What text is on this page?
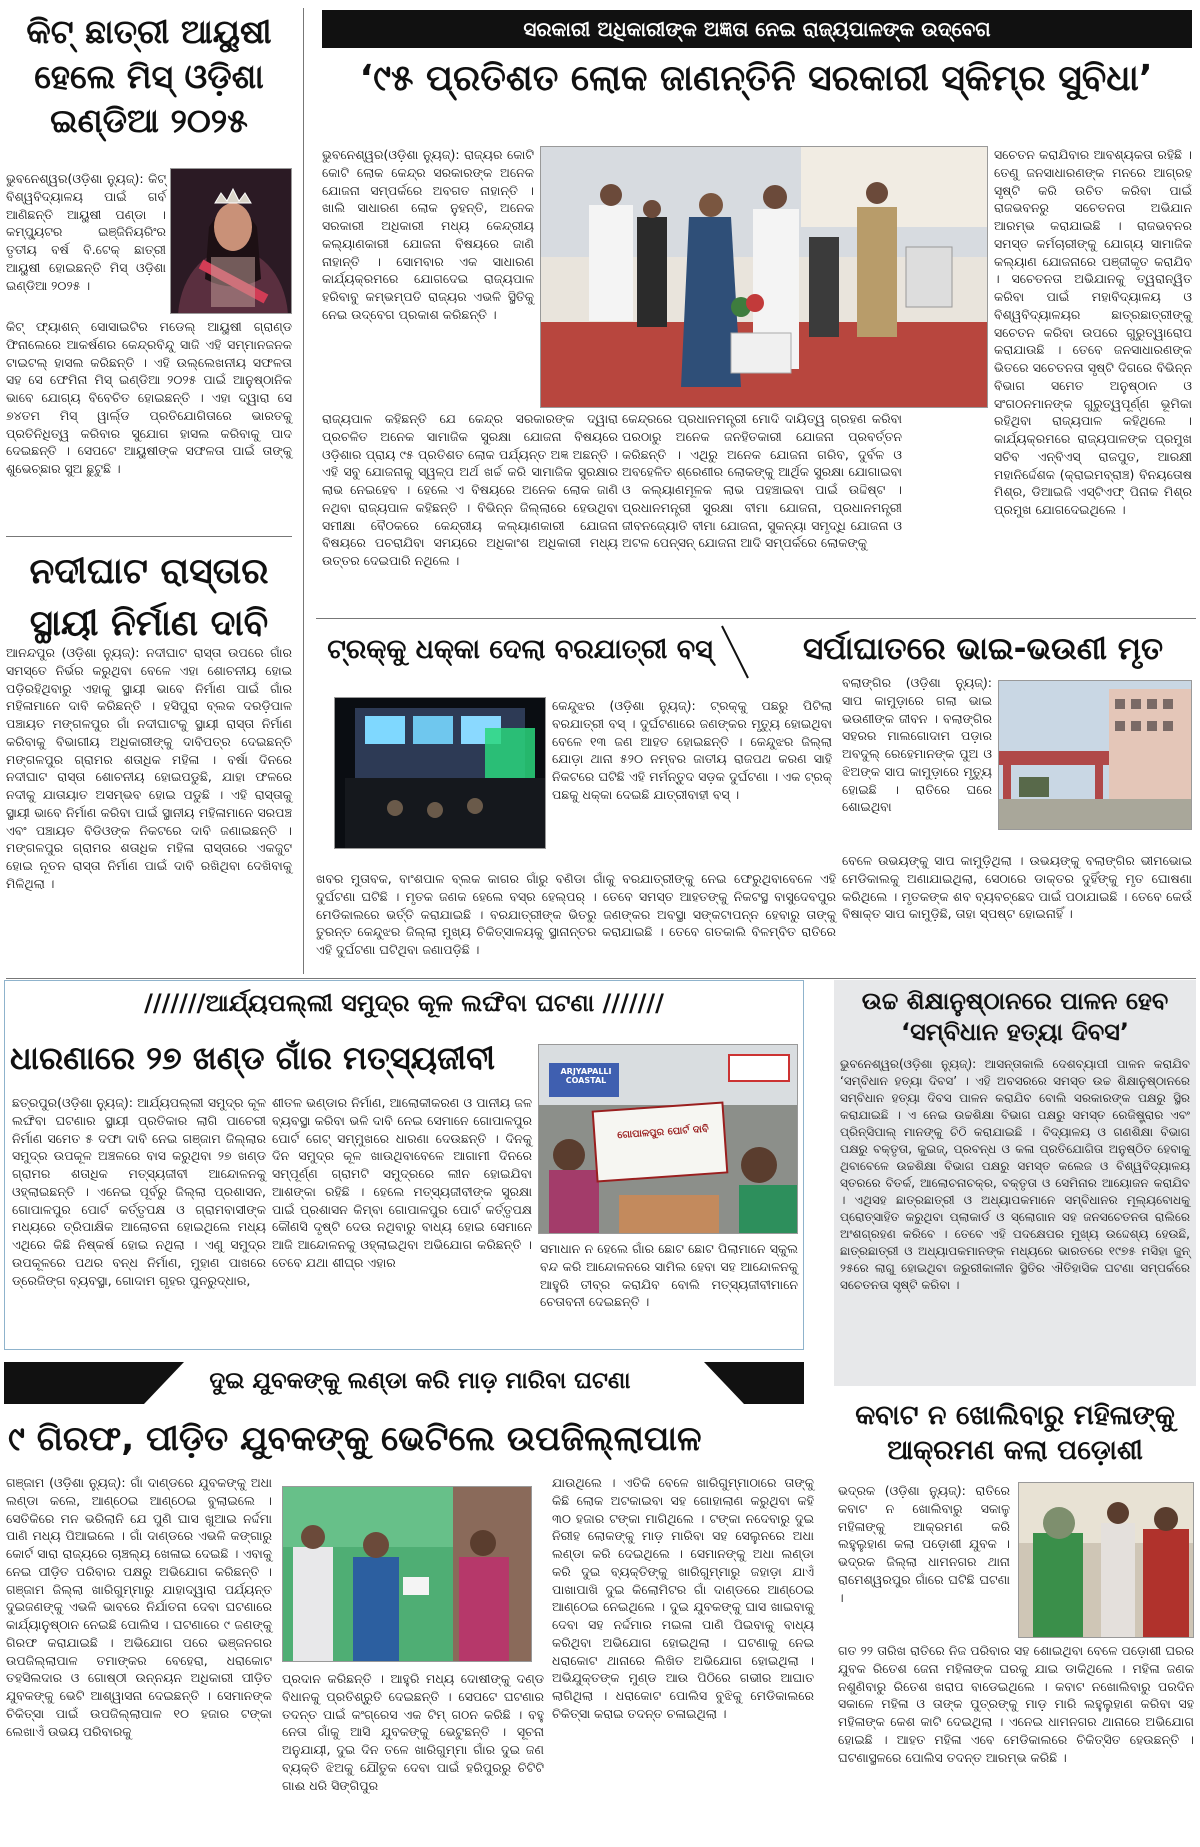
କିଟ୍ ଛାତ୍ରୀ ଆୟୁଷୀ ହେଲେ ମିସ୍ ଓଡ଼ିଶା ଇଣ୍ଡିଆ ୨୦୨୫
ଭୁବନେଶ୍ୱର(ଓଡ଼ିଶା ନ୍ୟୁଜ୍): କିଟ୍ ବିଶ୍ୱବିଦ୍ୟାଳୟ ପାଇଁ ଗର୍ବ ଆଣିଛନ୍ତି ଆୟୁଷୀ ପଣ୍ଡା । କମ୍ପ୍ୟୁଟର ଇଞ୍ଜିନିୟରିଂର ତୃତୀୟ ବର୍ଷ ବି.ଟେକ୍ ଛାତ୍ରୀ ଆୟୁଷୀ ହୋଇଛନ୍ତି ମିସ୍ ଓଡ଼ିଶା ଇଣ୍ଡିଆ ୨୦୨୫ ।
କିଟ୍ ଫ୍ୟାଶନ୍ ସୋସାଇଟିର ମଡେଲ୍ ଆୟୁଷୀ ଗ୍ରାଣ୍ଡ ଫିନାଲେରେ ଆକର୍ଷଣର କେନ୍ଦ୍ରବିନ୍ଦୁ ସାଜି ଏହି ସମ୍ମାନଜନକ ଟାଇଟଲ୍ ହାସଲ କରିଛନ୍ତି । ଏହି ଉଲ୍ଲେଖନୀୟ ସଫଳତା ସହ ସେ ଫେମିନା ମିସ୍ ଇଣ୍ଡିଆ ୨୦୨୫ ପାଇଁ ଆନୁଷ୍ଠାନିକ ଭାବେ ଯୋଗ୍ୟ ବିବେଚିତ ହୋଇଛନ୍ତି । ଏହା ଦ୍ୱାରା ସେ ୭୪ତମ ମିସ୍ ୱାର୍ଲ୍ଡ ପ୍ରତିଯୋଗିତାରେ ଭାରତକୁ ପ୍ରତିନିଧିତ୍ୱ କରିବାର ସୁଯୋଗ ହାସଲ କରିବାକୁ ପାଦ ଦେଇଛନ୍ତି । ସେପଟେ ଆୟୁଷୀଙ୍କ ସଫଳତା ପାଇଁ ତାଙ୍କୁ ଶୁଭେଚ୍ଛାର ସୁଅ ଛୁଟୁଛି ।
ନଦୀଘାଟ ରାସ୍ତାର ସ୍ଥାୟୀ ନିର୍ମାଣ ଦାବି
ଆନନ୍ଦପୁର (ଓଡ଼ିଶା ନ୍ୟୁଜ୍): ନଦୀଘାଟ ରାସ୍ତା ଉପରେ ଗାଁର ସମସ୍ତେ ନିର୍ଭର କରୁଥିବା ବେଳେ ଏହା ଶୋଚନୀୟ ହୋଇ ପଡ଼ିରହିଥିବାରୁ ଏହାକୁ ସ୍ଥାୟୀ ଭାବେ ନିର୍ମାଣ ପାଇଁ ଗାଁର ମହିଳାମାନେ ଦାବି କରିଛନ୍ତି । ହସିପୁରା ବ୍ଲକ ଦରଡ଼ିପାଳ ପଞ୍ଚାୟତ ମଙ୍ଗଳପୁର ଗାଁ ନଦୀଘାଟକୁ ସ୍ଥାୟୀ ରାସ୍ତା ନିର୍ମାଣ କରିବାକୁ ବିଭାଗୀୟ ଅଧିକାରୀଙ୍କୁ ଦାବିପତ୍ର ଦେଇଛନ୍ତି ମଙ୍ଗଳପୁର ଗ୍ରାମର ଶତାଧିକ ମହିଳା । ବର୍ଷା ଦିନରେ ନଦୀଘାଟ ରାସ୍ତା ଶୋଚନୀୟ ହୋଇପଡୁଛି, ଯାହା ଫଳରେ ନଦୀକୁ ଯାତାୟାତ ଅସମ୍ଭବ ହୋଇ ପଡୁଛି । ଏହି ରାସ୍ତାକୁ ସ୍ଥାୟୀ ଭାବେ ନିର୍ମାଣ କରିବା ପାଇଁ ସ୍ଥାନୀୟ ମହିଳାମାନେ ସରପଞ୍ଚ ଏବଂ ପଞ୍ଚାୟତ ବିଡିଓଙ୍କ ନିକଟରେ ଦାବି ଜଣାଇଛନ୍ତି । ମଙ୍ଗଳପୁର ଗ୍ରାମର ଶତାଧିକ ମହିଳା ରାସ୍ତାରେ ଏକଜୁଟ ହୋଇ ନୂତନ ରାସ୍ତା ନିର୍ମାଣ ପାଇଁ ଦାବି ରଖିଥିବା ଦେଖିବାକୁ ମିଳିଥିଲା ।
ସରକାରୀ ଅଧିକାରୀଙ୍କ ଅଜ୍ଞତା ନେଇ ରାଜ୍ୟପାଳଙ୍କ ଉଦ୍‌ବେଗ
‘୯୫ ପ୍ରତିଶତ ଲୋକ ଜାଣନ୍ତିନି ସରକାରୀ ସ୍କିମ୍‌ର ସୁବିଧା’
ଭୁବନେଶ୍ୱର(ଓଡ଼ିଶା ନ୍ୟୁଜ୍): ରାଜ୍ୟର କୋଟି କୋଟି ଲୋକ କେନ୍ଦ୍ର ସରକାରଙ୍କ ଅନେକ ଯୋଜନା ସମ୍ପର୍କରେ ଅବଗତ ନାହାନ୍ତି । ଖାଲି ସାଧାରଣ ଲୋକ ନୁହନ୍ତି, ଅନେକ ସରକାରୀ ଅଧିକାରୀ ମଧ୍ୟ କେନ୍ଦ୍ରୀୟ କଲ୍ୟାଣକାରୀ ଯୋଜନା ବିଷୟରେ ଜାଣି ନାହାନ୍ତି । ସୋମବାର ଏକ ସାଧାରଣ କାର୍ଯ୍ୟକ୍ରମରେ ଯୋଗଦେଇ ରାଜ୍ୟପାଳ ହରିବାବୁ କମ୍ଭମ୍ପତି ରାଜ୍ୟର ଏଭଳି ସ୍ଥିତିକୁ ନେଇ ଉଦ୍‌ବେଗ ପ୍ରକାଶ କରିଛନ୍ତି ।
ରାଜ୍ୟପାଳ କହିଛନ୍ତି ଯେ କେନ୍ଦ୍ର ସରକାରଙ୍କ ଦ୍ୱାରା ପ୍ରଚଳିତ ଅନେକ ସାମାଜିକ ସୁରକ୍ଷା ଯୋଜନା ବିଷୟରେ ଓଡ଼ିଶାର ପ୍ରାୟ ୯୫ ପ୍ରତିଶତ ଲୋକ ପର୍ଯ୍ୟନ୍ତ ଅଜ୍ଞ ଅଛନ୍ତି । ଏହି ସବୁ ଯୋଜନାକୁ ସ୍ୱଳ୍ପ ଅର୍ଥ ଖର୍ଚ୍ଚ କରି ସାମାଜିକ ସୁରକ୍ଷାର ଲାଭ ନେଇହେବ । ହେଲେ ଏ ବିଷୟରେ ଅନେକ ଲୋକ ଜାଣି ନଥିବା ରାଜ୍ୟପାଳ କହିଛନ୍ତି । ବିଭିନ୍ନ ଜିଲ୍ଲାରେ ହେଉଥିବା ସମୀକ୍ଷା ବୈଠକରେ କେନ୍ଦ୍ରୀୟ କଲ୍ୟାଣକାରୀ ଯୋଜନା ବିଷୟରେ ପଚରାଯିବା ସମୟରେ ଅଧିକାଂଶ ଅଧିକାରୀ ମଧ୍ୟ ଉତ୍ତର ଦେଇପାରି ନଥିଲେ ।
କେନ୍ଦ୍ରରେ ପ୍ରଧାନମନ୍ତ୍ରୀ ମୋଦି ଦାୟିତ୍ୱ ଗ୍ରହଣ କରିବା ପରଠାରୁ ଅନେକ ଜନହିତକାରୀ ଯୋଜନା ପ୍ରବର୍ତ୍ତନ କରିଛନ୍ତି । ଏଥିରୁ ଅନେକ ଯୋଜନା ଗରିବ, ଦୁର୍ବଳ ଓ ଅବହେଳିତ ଶ୍ରେଣୀର ଲୋକଙ୍କୁ ଆର୍ଥିକ ସୁରକ୍ଷା ଯୋଗାଇବା ଓ କଲ୍ୟାଣମୂଳକ ଲାଭ ପହଞ୍ଚାଇବା ପାଇଁ ଉଦ୍ଦିଷ୍ଟ । ପ୍ରଧାନମନ୍ତ୍ରୀ ସୁରକ୍ଷା ବୀମା ଯୋଜନା, ପ୍ରଧାନମନ୍ତ୍ରୀ ଜୀବନଜ୍ୟୋତି ବୀମା ଯୋଜନା, ସୁକନ୍ୟା ସମୃଦ୍ଧି ଯୋଜନା ଓ ଅଟଳ ପେନ୍‌ସନ୍ ଯୋଜନା ଆଦି ସମ୍ପର୍କରେ ଲୋକଙ୍କୁ
ସଚେତନ କରାଯିବାର ଆବଶ୍ୟକତା ରହିଛି । ତେଣୁ ଜନସାଧାରଣଙ୍କ ମନରେ ଆଗ୍ରହ ସୃଷ୍ଟି କରି ଉଚିତ କରିବା ପାଇଁ ରାଜଭବନରୁ ସଚେତନତା ଅଭିଯାନ ଆରମ୍ଭ କରାଯାଇଛି । ରାଜଭବନର ସମସ୍ତ କର୍ମଚାରୀଙ୍କୁ ଯୋଗ୍ୟ ସାମାଜିକ କଲ୍ୟାଣ ଯୋଜନାରେ ପଞ୍ଜୀକୃତ କରାଯିବ । ସଚେତନତା ଅଭିଯାନକୁ ତ୍ୱରାନ୍ୱିତ କରିବା ପାଇଁ ମହାବିଦ୍ୟାଳୟ ଓ ବିଶ୍ୱବିଦ୍ୟାଳୟର ଛାତ୍ରଛାତ୍ରୀଙ୍କୁ ସଚେତନ କରିବା ଉପରେ ଗୁରୁତ୍ୱାରୋପ କରାଯାଉଛି । ତେବେ ଜନସାଧାରଣଙ୍କ ଭିତରେ ସଚେତନତା ସୃଷ୍ଟି ଦିଗରେ ବିଭିନ୍ନ ବିଭାଗ ସମେତ ଅନୁଷ୍ଠାନ ଓ ସଂଗଠନମାନଙ୍କ ଗୁରୁତ୍ୱପୂର୍ଣ୍ଣ ଭୂମିକା ରହିଥିବା ରାଜ୍ୟପାଳ କହିଥିଲେ । କାର୍ଯ୍ୟକ୍ରମରେ ରାଜ୍ୟପାଳଙ୍କ ପ୍ରମୁଖ ସଚିବ ଏନ୍‌ବିଏସ୍ ରାଜପୁତ, ଆରକ୍ଷୀ ମହାନିର୍ଦ୍ଦେଶକ (କ୍ରାଇମବ୍ରାଞ୍ଚ) ବିନୟତୋଷ ମିଶ୍ର, ଡିଆଇଜି ଏସ୍‌ଟିଏଫ୍ ପିନାକ ମିଶ୍ର ପ୍ରମୁଖ ଯୋଗଦେଇଥିଲେ ।
ଟ୍ରକ୍‌କୁ ଧକ୍କା ଦେଲା ବରଯାତ୍ରୀ ବସ୍
କେନ୍ଦୁଝର (ଓଡ଼ିଶା ନ୍ୟୁଜ୍): ଟ୍ରକ୍‌କୁ ପଛରୁ ପିଟିଲା ବରଯାତ୍ରୀ ବସ୍ । ଦୁର୍ଘଟଣାରେ ଜଣଙ୍କର ମୃତ୍ୟୁ ହୋଇଥିବା ବେଳେ ୧୩ ଜଣ ଆହତ ହୋଇଛନ୍ତି । କେନ୍ଦୁଝର ଜିଲ୍ଲା ଯୋଡ଼ା ଥାନା ୫୨୦ ନମ୍ବର ଜାତୀୟ ରାଜପଥ କରଣ ସାହି ନିକଟରେ ଘଟିଛି ଏହି ମର୍ମନ୍ତୁଦ ସଡ଼କ ଦୁର୍ଘଟଣା । ଏକ ଟ୍ରକ୍ ପଛକୁ ଧକ୍କା ଦେଇଛି ଯାତ୍ରୀବାହୀ ବସ୍ ।
ଖବର ମୁତାବକ, ବାଂଶପାଳ ବ୍ଲକ କାଗର ଗାଁରୁ ବଣିଡା ଗାଁକୁ ବରଯାତ୍ରୀଙ୍କୁ ନେଇ ଫେରୁଥିବାବେଳେ ଏହି ଦୁର୍ଘଟଣା ଘଟିଛି । ମୃତକ ଜଣକ ହେଲେ ବସ୍‌ର ହେଲ୍‌ପର୍ । ତେବେ ସମସ୍ତ ଆହତଙ୍କୁ ନିକଟସ୍ଥ ବାସୁଦେବପୁର ମେଡିକାଲରେ ଭର୍ତ୍ତି କରାଯାଇଛି । ବରଯାତ୍ରୀଙ୍କ ଭିତରୁ ଜଣଙ୍କର ଅବସ୍ଥା ସଙ୍କଟାପନ୍ନ ହେବାରୁ ତାଙ୍କୁ ତୁରନ୍ତ କେନ୍ଦୁଝର ଜିଲ୍ଲା ମୁଖ୍ୟ ଚିକିତ୍ସାଳୟକୁ ସ୍ଥାନାନ୍ତର କରାଯାଇଛି । ତେବେ ଗତକାଲି ବିଳମ୍ବିତ ରାତିରେ ଏହି ଦୁର୍ଘଟଣା ଘଟିଥିବା ଜଣାପଡ଼ିଛି ।
ସର୍ପାଘାତରେ ଭାଇ-ଭଉଣୀ ମୃତ
ବଲାଙ୍ଗିର (ଓଡ଼ିଶା ନ୍ୟୁଜ୍): ସାପ କାମୁଡ଼ାରେ ଗଲା ଭାଇ ଭଉଣୀଙ୍କ ଜୀବନ । ବଲାଙ୍ଗିର ସହରର ମାଲଗୋଦାମ ପଡ଼ାର ଅବଦୁଲ୍ ରେହେମାନଙ୍କ ପୁଅ ଓ ଝିଅଙ୍କ ସାପ କାମୁଡ଼ାରେ ମୃତ୍ୟୁ ହୋଇଛି । ରାତିରେ ଘରେ ଶୋଇଥିବା
ବେଳେ ଉଭୟଙ୍କୁ ସାପ କାମୁଡ଼ିଥିଲା । ଉଭୟଙ୍କୁ ବଲାଙ୍ଗିର ଭୀମଭୋଇ ମେଡିକାଲକୁ ଅଣାଯାଇଥିଲା, ସେଠାରେ ଡାକ୍ତର ଦୁହିଁଙ୍କୁ ମୃତ ଘୋଷଣା କରିଥିଲେ । ମୃତକଙ୍କ ଶବ ବ୍ୟବଚ୍ଛେଦ ପାଇଁ ପଠାଯାଇଛି । ତେବେ କେଉଁ ବିଷାକ୍ତ ସାପ କାମୁଡ଼ିଛି, ତାହା ସ୍ପଷ୍ଟ ହୋଇନାହିଁ ।
///////ଆର୍ଯ୍ୟପଲ୍ଲୀ ସମୁଦ୍ର କୂଳ ଲଙ୍ଘିବା ଘଟଣା ///////
ଧାରଣାରେ ୨୭ ଖଣ୍ଡ ଗାଁର ମତ୍ସ୍ୟଜୀବୀ
ଛତ୍ରପୁର(ଓଡ଼ିଶା ନ୍ୟୁଜ୍): ଆର୍ଯ୍ୟପଲ୍ଲୀ ସମୁଦ୍ର କୂଳ ଲଙ୍ଘିବା ଘଟଣାର ସ୍ଥାୟୀ ପ୍ରତିକାର ଲାଗି ପାଚେରୀ ନିର୍ମାଣ ସମେତ ୫ ଦଫା ଦାବି ନେଇ ଗଞ୍ଜାମ ଜିଲ୍ଲାର ସମୁଦ୍ର ଉପକୂଳ ଅଞ୍ଚଳରେ ବାସ କରୁଥିବା ୨୭ ଖଣ୍ଡ ଗ୍ରାମର ଶତାଧିକ ମତ୍ସ୍ୟଜୀବୀ ଆନ୍ଦୋଳନକୁ ଓହ୍ଲାଇଛନ୍ତି । ଏନେଇ ପୂର୍ବରୁ ଜିଲ୍ଲା ପ୍ରଶାସନ, ଗୋପାଳପୁର ପୋର୍ଟ କର୍ତ୍ତୃପକ୍ଷ ଓ ଗ୍ରାମବାସୀଙ୍କ ମଧ୍ୟରେ ତ୍ରିପାକ୍ଷିକ ଆଲୋଚନା ହୋଇଥିଲେ ମଧ୍ୟ ଏଥିରେ କିଛି ନିଷ୍କର୍ଷ ହୋଇ ନଥିଲା । ଏଣୁ ସମୁଦ୍ର ଉପକୂଳରେ ପଥର ବନ୍ଧ ନିର୍ମାଣ, ମୁହାଣ ପାଖରେ ଡ୍ରେଜିଙ୍ଗ ବ୍ୟବସ୍ଥା, ଗୋଦାମ ଗୃହର ପୁନରୁଦ୍ଧାର,
ଶୀତଳ ଭଣ୍ଡାର ନିର୍ମାଣ, ଆଲୋକୀକରଣ ଓ ପାନୀୟ ଜଳ ବ୍ୟବସ୍ଥା କରିବା ଭଳି ଦାବି ନେଇ ସେମାନେ ଗୋପାଳପୁର ପୋର୍ଟ ଗେଟ୍ ସମ୍ମୁଖରେ ଧାରଣା ଦେଉଛନ୍ତି । ଦିନକୁ ଦିନ ସମୁଦ୍ର କୂଳ ଖାଉଥିବାବେଳେ ଆଗାମୀ ଦିନରେ ସମ୍ପୂର୍ଣ୍ଣ ଗ୍ରାମଟି ସମୁଦ୍ରରେ ଲୀନ ହୋଇଯିବା ଆଶଙ୍କା ରହିଛି । ହେଲେ ମତ୍ସ୍ୟଜୀବୀଙ୍କ ସୁରକ୍ଷା ପାଇଁ ପ୍ରଶାସନ କିମ୍ବା ଗୋପାଳପୁର ପୋର୍ଟ କର୍ତ୍ତୃପକ୍ଷ କୌଣସି ଦୃଷ୍ଟି ଦେଉ ନଥିବାରୁ ବାଧ୍ୟ ହୋଇ ସେମାନେ ଆଜି ଆନ୍ଦୋଳନକୁ ଓହ୍ଲାଇଥିବା ଅଭିଯୋଗ କରିଛନ୍ତି । ତେବେ ଯଥା ଶୀଘ୍ର ଏହାର
ଗୋପାଳପୁର ପୋର୍ଟ ଦାବି
ARJYAPALLI COASTAL
ସମାଧାନ ନ ହେଲେ ଗାଁର ଛୋଟ ଛୋଟ ପିଲାମାନେ ସ୍କୁଲ ବନ୍ଦ କରି ଆନ୍ଦୋଳନରେ ସାମିଲ ହେବା ସହ ଆନ୍ଦୋଳନକୁ ଆହୁରି ତୀବ୍ର କରାଯିବ ବୋଲି ମତ୍ସ୍ୟଜୀବୀମାନେ ଚେତାବନୀ ଦେଇଛନ୍ତି ।
ଉଚ୍ଚ ଶିକ୍ଷାନୁଷ୍ଠାନରେ ପାଳନ ହେବ ‘ସମ୍ବିଧାନ ହତ୍ୟା ଦିବସ’
ଭୁବନେଶ୍ୱର(ଓଡ଼ିଶା ନ୍ୟୁଜ୍): ଆସନ୍ତାକାଲି ଦେଶବ୍ୟାପୀ ପାଳନ କରାଯିବ ‘ସମ୍ବିଧାନ ହତ୍ୟା ଦିବସ’ । ଏହି ଅବସରରେ ସମସ୍ତ ଉଚ୍ଚ ଶିକ୍ଷାନୁଷ୍ଠାନରେ ସମ୍ବିଧାନ ହତ୍ୟା ଦିବସ ପାଳନ କରାଯିବ ବୋଲି ସରକାରଙ୍କ ପକ୍ଷରୁ ସ୍ଥିର କରାଯାଇଛି । ଏ ନେଇ ଉଚ୍ଚଶିକ୍ଷା ବିଭାଗ ପକ୍ଷରୁ ସମସ୍ତ ରେଜିଷ୍ଟ୍ରାର ଏବଂ ପ୍ରିନ୍ସିପାଲ୍ ମାନଙ୍କୁ ଚିଠି କରାଯାଇଛି । ବିଦ୍ୟାଳୟ ଓ ଗଣଶିକ୍ଷା ବିଭାଗ ପକ୍ଷରୁ ବକ୍ତୃତା, କୁଇଜ୍, ପ୍ରବନ୍ଧ ଓ କଳା ପ୍ରତିଯୋଗିତା ଅନୁଷ୍ଠିତ ହେବାକୁ ଥିବାବେଳେ ଉଚ୍ଚଶିକ୍ଷା ବିଭାଗ ପକ୍ଷରୁ ସମସ୍ତ କଲେଜ ଓ ବିଶ୍ୱବିଦ୍ୟାଳୟ ସ୍ତରରେ ବିତର୍କ, ଆଲୋଚନାଚକ୍ର, ବକ୍ତୃତା ଓ ସେମିନାର ଆୟୋଜନ କରାଯିବ । ଏଥିସହ ଛାତ୍ରଛାତ୍ରୀ ଓ ଅଧ୍ୟାପକମାନେ ସମ୍ବିଧାନର ମୂଲ୍ୟବୋଧକୁ ପ୍ରୋତ୍ସାହିତ କରୁଥିବା ପ୍ଲାକାର୍ଡ ଓ ସ୍ଲୋଗାନ ସହ ଜନସଚେତନତା ରାଲିରେ ଅଂଶଗ୍ରହଣ କରିବେ । ତେବେ ଏହି ପଦକ୍ଷେପର ମୁଖ୍ୟ ଉଦ୍ଦେଶ୍ୟ ହେଉଛି, ଛାତ୍ରଛାତ୍ରୀ ଓ ଅଧ୍ୟାପକମାନଙ୍କ ମଧ୍ୟରେ ଭାରତରେ ୧୯୭୫ ମସିହା ଜୁନ୍ ୨୫ରେ ଲାଗୁ ହୋଇଥିବା ଜରୁରୀକାଳୀନ ସ୍ଥିତିର ଐତିହାସିକ ଘଟଣା ସମ୍ପର୍କରେ ସଚେତନତା ସୃଷ୍ଟି କରିବା ।
ଦୁଇ ଯୁବକଙ୍କୁ ଲଣ୍ଡା କରି ମାଡ଼ ମାରିବା ଘଟଣା
୯ ଗିରଫ, ପୀଡ଼ିତ ଯୁବକଙ୍କୁ ଭେଟିଲେ ଉପଜିଲ୍ଲାପାଳ
ଗଞ୍ଜାମ (ଓଡ଼ିଶା ନ୍ୟୁଜ୍): ଗାଁ ଦାଣ୍ଡରେ ଯୁବକଙ୍କୁ ଅଧା ଲଣ୍ଡା କଲେ, ଆଣ୍ଠେଇ ଆଣ୍ଠେଇ ବୁଲାଇଲେ । ସେତିକିରେ ମନ ଭରିଲାନି ଯେ ପୁଣି ଘାସ ଖୁଆଇ ନର୍ଦ୍ଦମା ପାଣି ମଧ୍ୟ ପିଆଇଲେ । ଗାଁ ଦାଣ୍ଡରେ ଏଭଳି କଙ୍ଗାରୁ କୋର୍ଟ ସାରା ରାଜ୍ୟରେ ଚାଞ୍ଚଲ୍ୟ ଖେଳାଇ ଦେଇଛି । ଏବାକୁ ନେଇ ପୀଡ଼ିତ ପରିବାର ପକ୍ଷରୁ ଅଭିଯୋଗ କରିଛନ୍ତି । ଗଞ୍ଜାମ ଜିଲ୍ଲା ଖାରିଗୁମ୍ମାରୁ ଯାହାଦ୍ୱାରା ପର୍ଯ୍ୟନ୍ତ ଦୁଇଜଣଙ୍କୁ ଏଭଳି ଭାବରେ ନିର୍ଯାତନା ଦେବା ଘଟଣାରେ କାର୍ଯ୍ୟାନୁଷ୍ଠାନ ନେଇଛି ପୋଲିସ । ଘଟଣାରେ ୯ ଜଣଙ୍କୁ ଗିରଫ କରାଯାଇଛି । ଅଭିଯୋଗ ପରେ ଭଞ୍ଜନଗର ଉପଜିଲ୍ଲାପାଳ ତମାଙ୍କର ବେହେରା, ଧରାକୋଟ ତହସିଲଦାର ଓ ଗୋଷ୍ଠୀ ଉନ୍ନୟନ ଅଧିକାରୀ ପୀଡ଼ିତ ଯୁବକଙ୍କୁ ଭେଟି ଆଶ୍ୱାସନା ଦେଇଛନ୍ତି । ସେମାନଙ୍କ ଚିକିତ୍ସା ପାଇଁ ଉପଜିଲ୍ଲାପାଳ ୧୦ ହଜାର ଟଙ୍କା ଲେଖାଏଁ ଉଭୟ ପରିବାରକୁ
ପ୍ରଦାନ କରିଛନ୍ତି । ଆହୁରି ମଧ୍ୟ ଦୋଷୀଙ୍କୁ ଦଣ୍ଡ ବିଧାନକୁ ପ୍ରତିଶ୍ରୁତି ଦେଇଛନ୍ତି । ସେପଟେ ଘଟଣାର ତଦନ୍ତ ପାଇଁ କଂଗ୍ରେସ ଏକ ଟିମ୍ ଗଠନ କରିଛି । ବହୁ ନେତା ଗାଁକୁ ଆସି ଯୁବକଙ୍କୁ ଭେଟୁଛନ୍ତି । ସୂଚନା ଅନୁଯାୟୀ, ଦୁଇ ଦିନ ତଳେ ଖାରିଗୁମ୍ମା ଗାଁର ଦୁଇ ଜଣ ବ୍ୟକ୍ତି ଝିଅକୁ ଯୌତୁକ ଦେବା ପାଇଁ ହରିପୁରରୁ ଚିଟିଟି ଗାଈ ଧରି ସିଙ୍ଗିପୁର
ଯାଉଥିଲେ । ଏତିକି ବେଳେ ଖାରିଗୁମ୍ମାଠାରେ ତାଙ୍କୁ କିଛି ଲୋକ ଅଟକାଇବା ସହ ଗୋହାଲାଣ କରୁଥିବା କହି ୩୦ ହଜାର ଟଙ୍କା ମାଗିଥିଲେ । ଟଙ୍କା ନଦେବାରୁ ଦୁଇ ନିରୀହ ଲୋକଙ୍କୁ ମାଡ଼ ମାରିବା ସହ ସେଲୁନରେ ଅଧା ଲଣ୍ଡା କରି ଦେଇଥିଲେ । ସେମାନଙ୍କୁ ଅଧା ଲଣ୍ଡା କରି ଦୁଇ ବ୍ୟକ୍ତିଙ୍କୁ ଖାରିଗୁମ୍ମାରୁ ଜହାଡ଼ା ଯାଏଁ ପାଖାପାଖି ଦୁଇ କିଲୋମିଟର ଗାଁ ଦାଣ୍ଡରେ ଆଣ୍ଠେଇ ଆଣ୍ଠେଇ ନେଇଥିଲେ । ଦୁଇ ଯୁବକଙ୍କୁ ଘାସ ଖାଇବାକୁ ଦେବା ସହ ନର୍ଦ୍ଦମାର ମଇଳା ପାଣି ପିଇବାକୁ ବାଧ୍ୟ କରିଥିବା ଅଭିଯୋଗ ହୋଇଥିଲା । ଘଟଣାକୁ ନେଇ ଧରାକୋଟ ଥାନାରେ ଲିଖିତ ଅଭିଯୋଗ ହୋଇଥିଲା । ଅଭିଯୁକ୍ତଙ୍କ ମୁଣ୍ଡ ଆଉ ପିଠିରେ ଗଭୀର ଆଘାତ ଲାଗିଥିଲା । ଧରାକୋଟ ପୋଲିସ ବୁଝିକୁ ମେଡିକାଲରେ ଚିକିତ୍ସା କରାଇ ତଦନ୍ତ ଚଳାଇଥିଲା ।
କବାଟ ନ ଖୋଲିବାରୁ ମହିଳାଙ୍କୁ ଆକ୍ରମଣ କଲା ପଡ଼ୋଶୀ
ଭଦ୍ରକ (ଓଡ଼ିଶା ନ୍ୟୁଜ୍): ରାତିରେ କବାଟ ନ ଖୋଲିବାରୁ ସକାଳୁ ମହିଳାଙ୍କୁ ଆକ୍ରମଣ କରି ଲହୁଲୁହାଣ କଲା ପଡ଼ୋଶୀ ଯୁବକ । ଭଦ୍ରକ ଜିଲ୍ଲା ଧାମନଗର ଥାନା ରାମେଶ୍ୱରପୁର ଗାଁରେ ଘଟିଛି ଘଟଣା ।
ଗତ ୨୨ ତାରିଖ ରାତିରେ ନିଜ ପରିବାର ସହ ଶୋଇଥିବା ବେଳେ ପଡ଼ୋଶୀ ଘରର ଯୁବକ ରିତେଶ ଜେନା ମହିଳାଙ୍କ ଘରକୁ ଯାଇ ଡାକିଥିଲେ । ମହିଳା ଜଣକ ନଶୁଣିବାରୁ ରିତେଶ ଖରାପ ବାଡେଇଥିଲେ । କବାଟ ନଖୋଲିବାରୁ ପରଦିନ ସକାଳେ ମହିଳା ଓ ତାଙ୍କ ପୁତ୍ରଙ୍କୁ ମାଡ଼ ମାରି ଲହୁଲୁହାଣ କରିବା ସହ ମହିଳାଙ୍କ କେଶ କାଟି ଦେଇଥିଲା । ଏନେଇ ଧାମନଗର ଥାନାରେ ଅଭିଯୋଗ ହୋଇଛି । ଆହତ ମହିଳା ଏବେ ମେଡିକାଲରେ ଚିକିତ୍ସିତ ହେଉଛନ୍ତି । ଘଟଣାସ୍ଥଳରେ ପୋଲିସ ତଦନ୍ତ ଆରମ୍ଭ କରିଛି ।
